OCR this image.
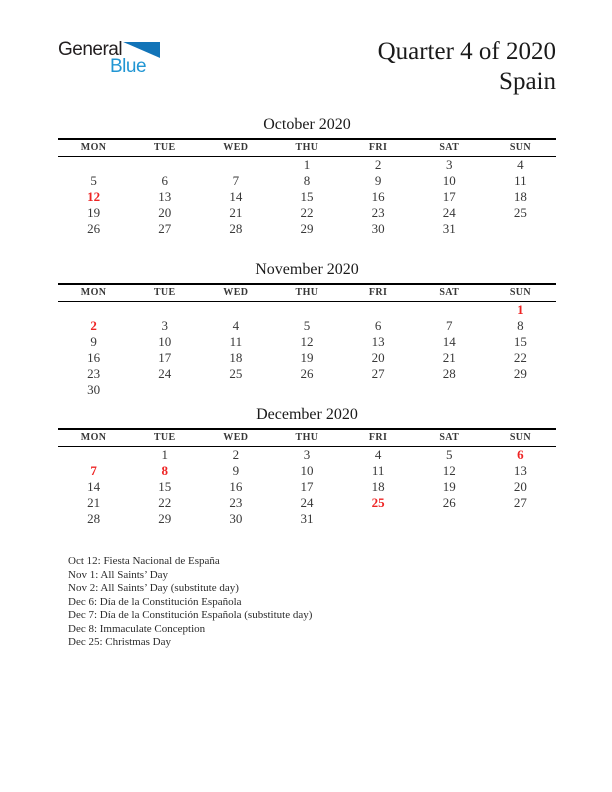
General
Blue
Quarter 4 of 2020
Spain
October 2020
MON	TUE	WED	THU	FRI	SAT	SUN
			1	2	3	4
5	6	7	8	9	10	11
12	13	14	15	16	17	18
19	20	21	22	23	24	25
26	27	28	29	30	31	
November 2020
MON	TUE	WED	THU	FRI	SAT	SUN
						1
2	3	4	5	6	7	8
9	10	11	12	13	14	15
16	17	18	19	20	21	22
23	24	25	26	27	28	29
30						
December 2020
MON	TUE	WED	THU	FRI	SAT	SUN
	1	2	3	4	5	6
7	8	9	10	11	12	13
14	15	16	17	18	19	20
21	22	23	24	25	26	27
28	29	30	31			
Oct 12: Fiesta Nacional de España
Nov 1: All Saints’ Day
Nov 2: All Saints’ Day (substitute day)
Dec 6: Día de la Constitución Española
Dec 7: Día de la Constitución Española (substitute day)
Dec 8: Immaculate Conception
Dec 25: Christmas Day
